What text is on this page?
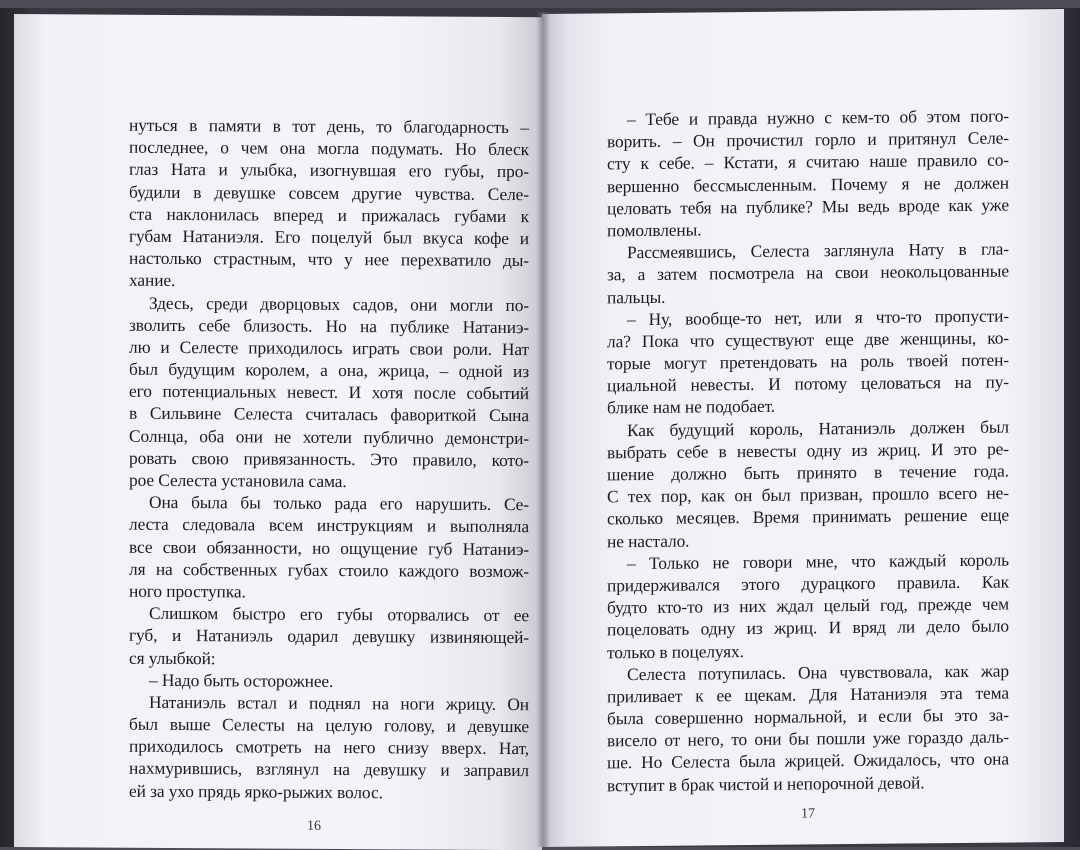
нуться в памяти в тот день, то благодарность –
последнее, о чем она могла подумать. Но блеск
глаз Ната и улыбка, изогнувшая его губы, про-
будили в девушке совсем другие чувства. Селе-
ста наклонилась вперед и прижалась губами к
губам Натаниэля. Его поцелуй был вкуса кофе и
настолько страстным, что у нее перехватило ды-
хание.
Здесь, среди дворцовых садов, они могли по-
зволить себе близость. Но на публике Натаниэ-
лю и Селесте приходилось играть свои роли. Нат
был будущим королем, а она, жрица, – одной из
его потенциальных невест. И хотя после событий
в Сильвине Селеста считалась фавориткой Сына
Солнца, оба они не хотели публично демонстри-
ровать свою привязанность. Это правило, кото-
рое Селеста установила сама.
Она была бы только рада его нарушить. Се-
леста следовала всем инструкциям и выполняла
все свои обязанности, но ощущение губ Натаниэ-
ля на собственных губах стоило каждого возмож-
ного проступка.
Слишком быстро его губы оторвались от ее
губ, и Натаниэль одарил девушку извиняющей-
ся улыбкой:
– Надо быть осторожнее.
Натаниэль встал и поднял на ноги жрицу. Он
был выше Селесты на целую голову, и девушке
приходилось смотреть на него снизу вверх. Нат,
нахмурившись, взглянул на девушку и заправил
ей за ухо прядь ярко-рыжих волос.
16
– Тебе и правда нужно с кем-то об этом пого-
ворить. – Он прочистил горло и притянул Селе-
сту к себе. – Кстати, я считаю наше правило со-
вершенно бессмысленным. Почему я не должен
целовать тебя на публике? Мы ведь вроде как уже
помолвлены.
Рассмеявшись, Селеста заглянула Нату в гла-
за, а затем посмотрела на свои неокольцованные
пальцы.
– Ну, вообще-то нет, или я что-то пропусти-
ла? Пока что существуют еще две женщины, ко-
торые могут претендовать на роль твоей потен-
циальной невесты. И потому целоваться на пу-
блике нам не подобает.
Как будущий король, Натаниэль должен был
выбрать себе в невесты одну из жриц. И это ре-
шение должно быть принято в течение года.
С тех пор, как он был призван, прошло всего не-
сколько месяцев. Время принимать решение еще
не настало.
– Только не говори мне, что каждый король
придерживался этого дурацкого правила. Как
будто кто-то из них ждал целый год, прежде чем
поцеловать одну из жриц. И вряд ли дело было
только в поцелуях.
Селеста потупилась. Она чувствовала, как жар
приливает к ее щекам. Для Натаниэля эта тема
была совершенно нормальной, и если бы это за-
висело от него, то они бы пошли уже гораздо даль-
ше. Но Селеста была жрицей. Ожидалось, что она
вступит в брак чистой и непорочной девой.
17
